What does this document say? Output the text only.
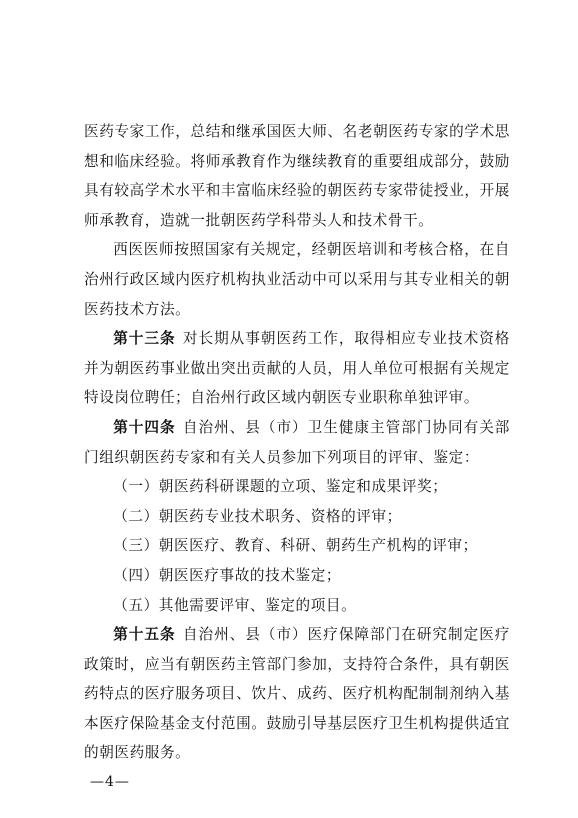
医药专家工作，总结和继承国医大师、名老朝医药专家的学术思想和临床经验。将师承教育作为继续教育的重要组成部分，鼓励具有较高学术水平和丰富临床经验的朝医药专家带徒授业，开展师承教育，造就一批朝医药学科带头人和技术骨干。

西医医师按照国家有关规定，经朝医培训和考核合格，在自治州行政区域内医疗机构执业活动中可以采用与其专业相关的朝医药技术方法。

第十三条 对长期从事朝医药工作，取得相应专业技术资格并为朝医药事业做出突出贡献的人员，用人单位可根据有关规定特设岗位聘任；自治州行政区域内朝医专业职称单独评审。

第十四条 自治州、县（市）卫生健康主管部门协同有关部门组织朝医药专家和有关人员参加下列项目的评审、鉴定：

（一）朝医药科研课题的立项、鉴定和成果评奖；

（二）朝医药专业技术职务、资格的评审；

（三）朝医医疗、教育、科研、朝药生产机构的评审；

（四）朝医医疗事故的技术鉴定；

（五）其他需要评审、鉴定的项目。

第十五条 自治州、县（市）医疗保障部门在研究制定医疗政策时，应当有朝医药主管部门参加，支持符合条件，具有朝医药特点的医疗服务项目、饮片、成药、医疗机构配制制剂纳入基本医疗保险基金支付范围。鼓励引导基层医疗卫生机构提供适宜的朝医药服务。

—4—
